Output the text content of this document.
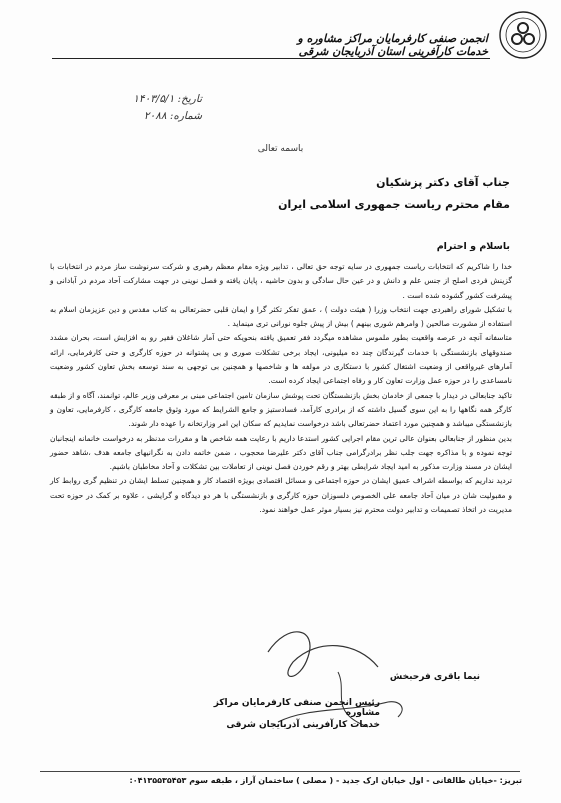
انجمن صنفی کارفرمایان مراکز مشاوره و خدمات کارآفرینی استان آذربایجان شرقی
تاریخ: ۱۴۰۳/۵/۱
شماره: ۲۰۸۸
باسمه تعالی
جناب آقای دکتر پزشکیان
مقام محترم ریاست جمهوری اسلامی ایران
باسلام و احترام

خدا را شاکریم که انتخابات ریاست جمهوری در سایه توجه حق تعالی ، تدابیر ویژه مقام معظم رهبری و شرکت سرنوشت ساز مردم در انتخابات با گزینش فردی اصلح از جنس علم و دانش و در عین حال سادگی و بدون حاشیه ، پایان یافته و فصل نوینی در جهت مشارکت آحاد مردم در آبادانی و پیشرفت کشور گشوده شده است .

با تشکیل شورای راهبردی جهت انتخاب وزرا ( هیئت دولت ) ، عمق تفکر تکثر گرا و ایمان قلبی حضرتعالی به کتاب مقدس و دین عزیزمان اسلام به استفاده از مشورت صالحین ( وامرهم شوری بینهم ) بیش از پیش جلوه نورانی تری مینماید .

متاسفانه آنچه در عرصه واقعیت بطور ملموس مشاهده میگردد فقر تعمیق یافته بنحویکه حتی آمار شاغلان فقیر رو به افزایش است، بحران مشدد صندوقهای بازنشستگی با خدمات گیرندگان چند ده میلیونی، ایجاد برخی تشکلات صوری و بی پشتوانه در حوزه کارگری و حتی کارفرمایی، ارائه آمارهای غیرواقعی از وضعیت اشتغال کشور با دستکاری در مولفه ها و شاخصها و همچنین بی توجهی به سند توسعه بخش تعاون کشور وضعیت نامساعدی را در حوزه عمل وزارت تعاون کار و رفاه اجتماعی ایجاد کرده است.

تاکید جنابعالی در دیدار با جمعی از خادمان بخش بازنشستگان تحت پوشش سازمان تامین اجتماعی مبنی بر معرفی وزیر عالم، توانمند، آگاه و از طبقه کارگر همه نگاهها را به این سوی گسیل داشته که از برادری کارآمد، فسادستیز و جامع الشرایط که مورد وثوق جامعه کارگری ، کارفرمایی، تعاون و بازنشستگی میباشد و همچنین مورد اعتماد حضرتعالی باشد درخواست نمایدیم که سکان این امر وزارتخانه را عهده دار شوند.

بدین منظور از جنابعالی بعنوان عالی ترین مقام اجرایی کشور استدعا داریم با رعایت همه شاخص ها و مقررات مدنظر به درخواست خانمانه اینجانبان توجه نموده و با مذاکره جهت جلب نظر برادرگرامی جناب آقای دکتر علیرضا محجوب ، ضمن خاتمه دادن به نگرانیهای جامعه هدف ،شاهد حضور ایشان در مسند وزارت مذکور به امید ایجاد شرایطی بهتر و رقم خوردن فصل نوینی از تعاملات بین تشکلات و آحاد مخاطبان باشیم.

تردید نداریم که بواسطه اشراف عمیق ایشان در حوزه اجتماعی و مسائل اقتصادی بویژه اقتصاد کار و همچنین تسلط ایشان در تنظیم گری روابط کار و مقبولیت شان در میان آحاد جامعه علی الخصوص دلسوزان حوزه کارگری و بازنشستگی با هر دو دیدگاه و گرایشی ، علاوه بر کمک در حوزه تحت مدیریت در اتخاذ تصمیمات و تدابیر دولت محترم نیز بسیار موثر عمل خواهند نمود.

نیما باقری فرحبخش
رئیس انجمن صنفی کارفرمایان مراکز مشاوره
خدمات کارآفرینی آذربایجان شرقی
تبریز: -خیابان طالقانی - اول خیابان ارک جدید - ( مصلی ) ساختمان آراز ، طبقه سوم ۰۴۱۳۵۵۳۵۴۵۳:
